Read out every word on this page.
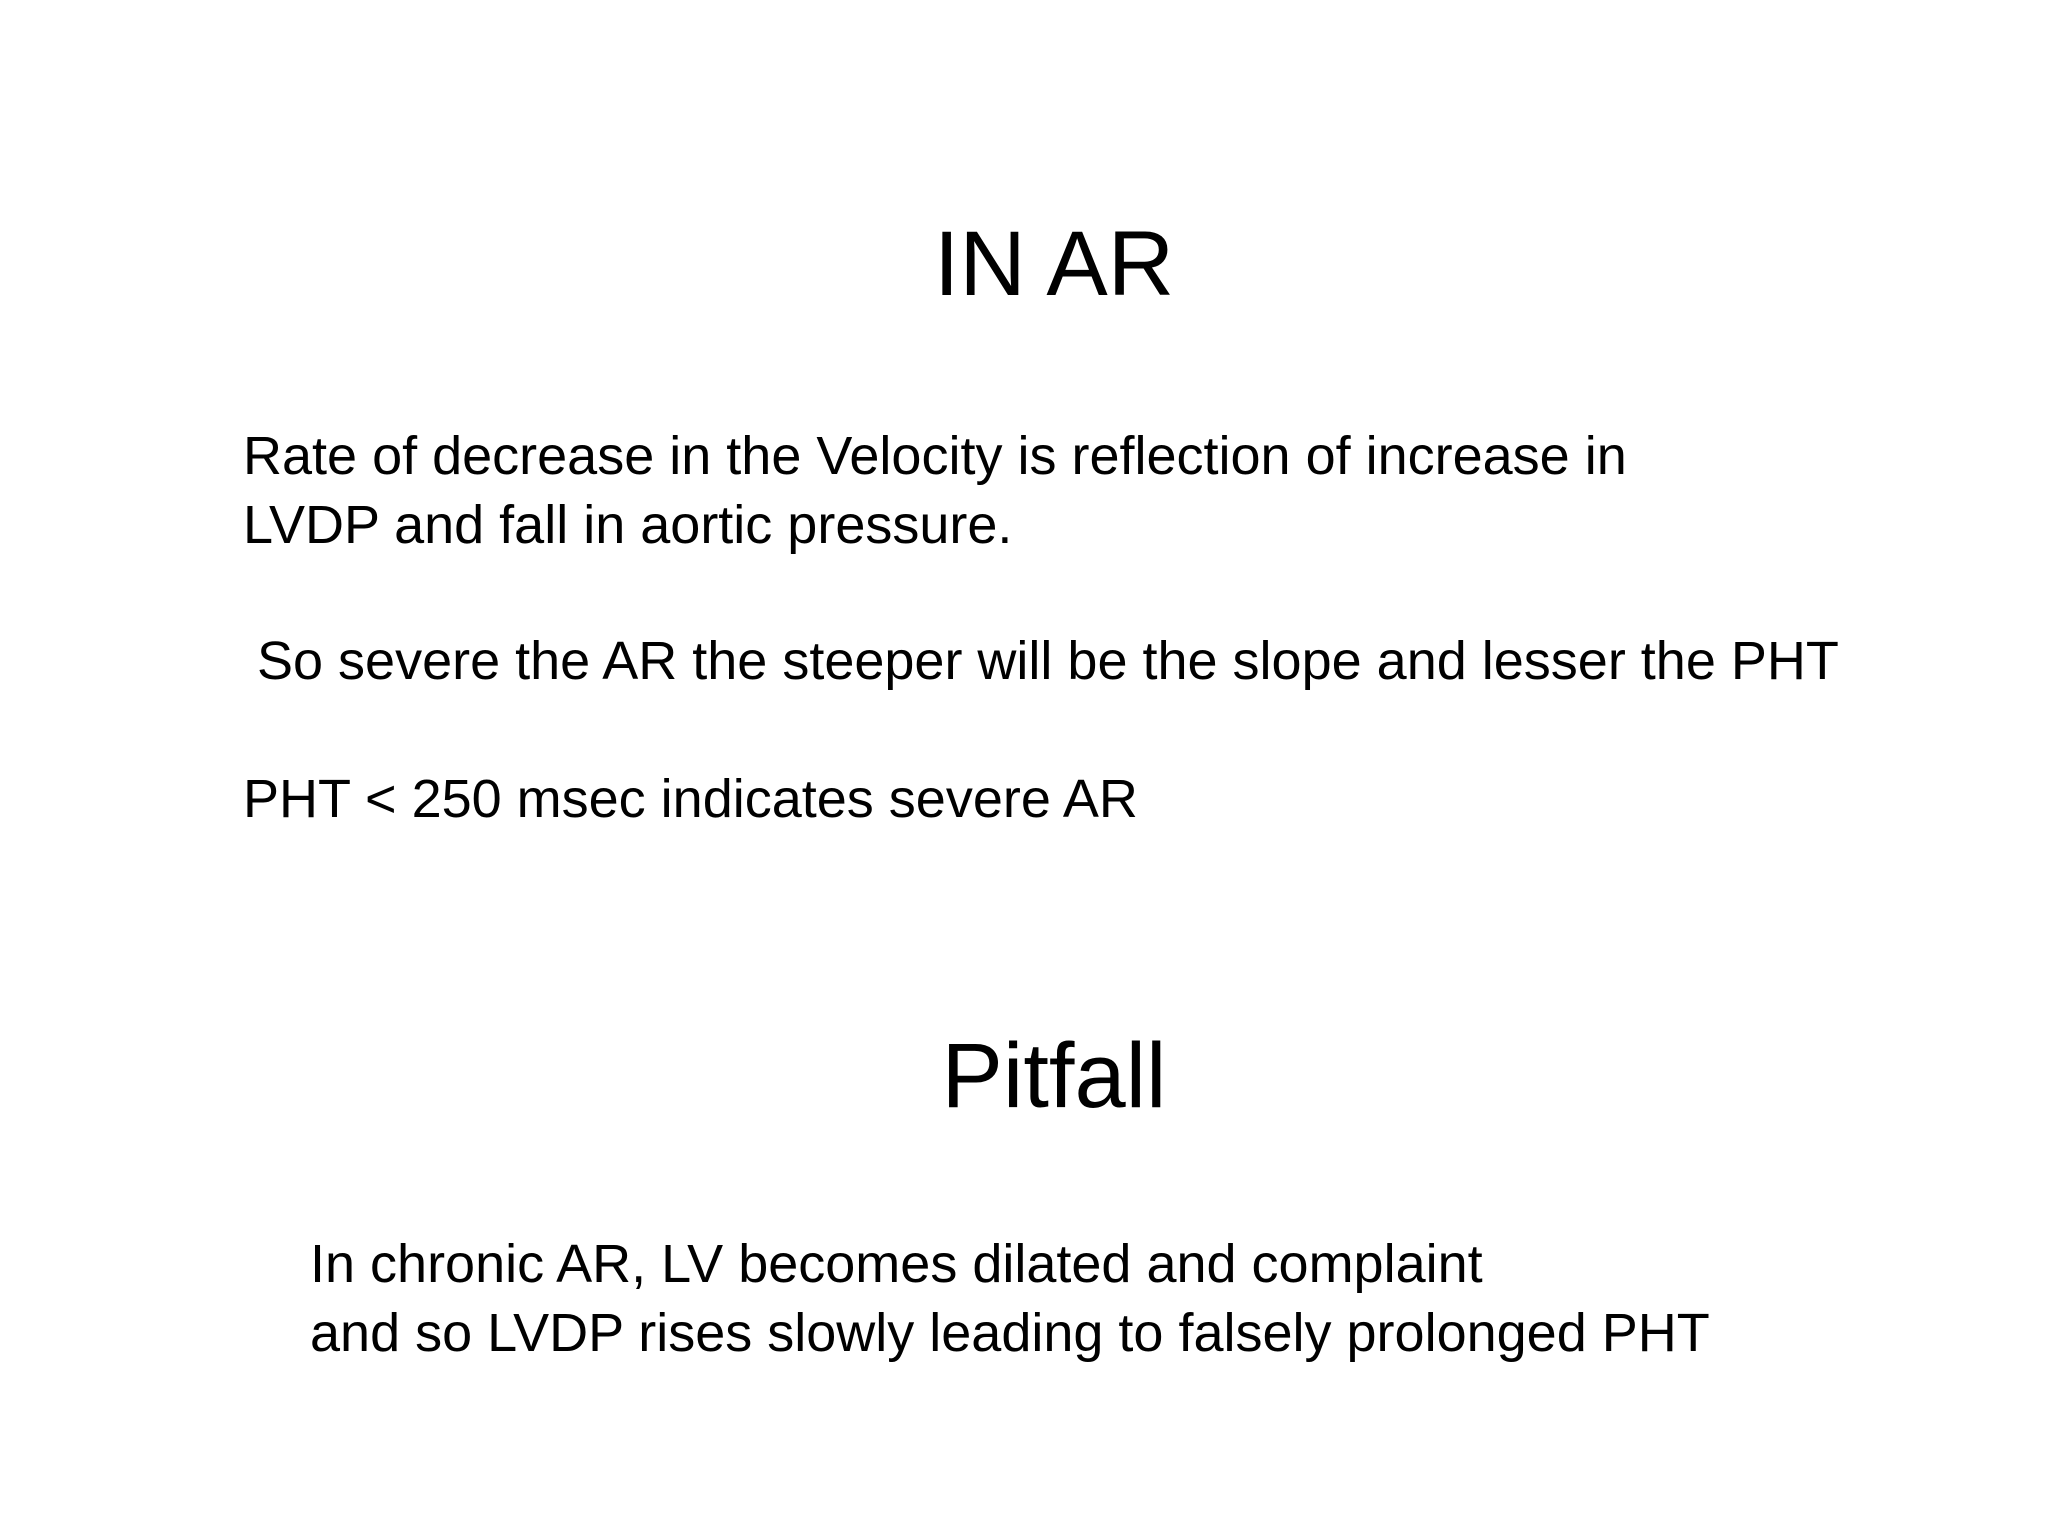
IN AR

Rate of decrease in the Velocity is reflection of increase in
LVDP and fall in aortic pressure.

So severe the AR the steeper will be the slope and lesser the PHT

PHT < 250 msec indicates severe AR

Pitfall

In chronic AR, LV becomes dilated and complaint
and so LVDP rises slowly leading to falsely prolonged PHT
